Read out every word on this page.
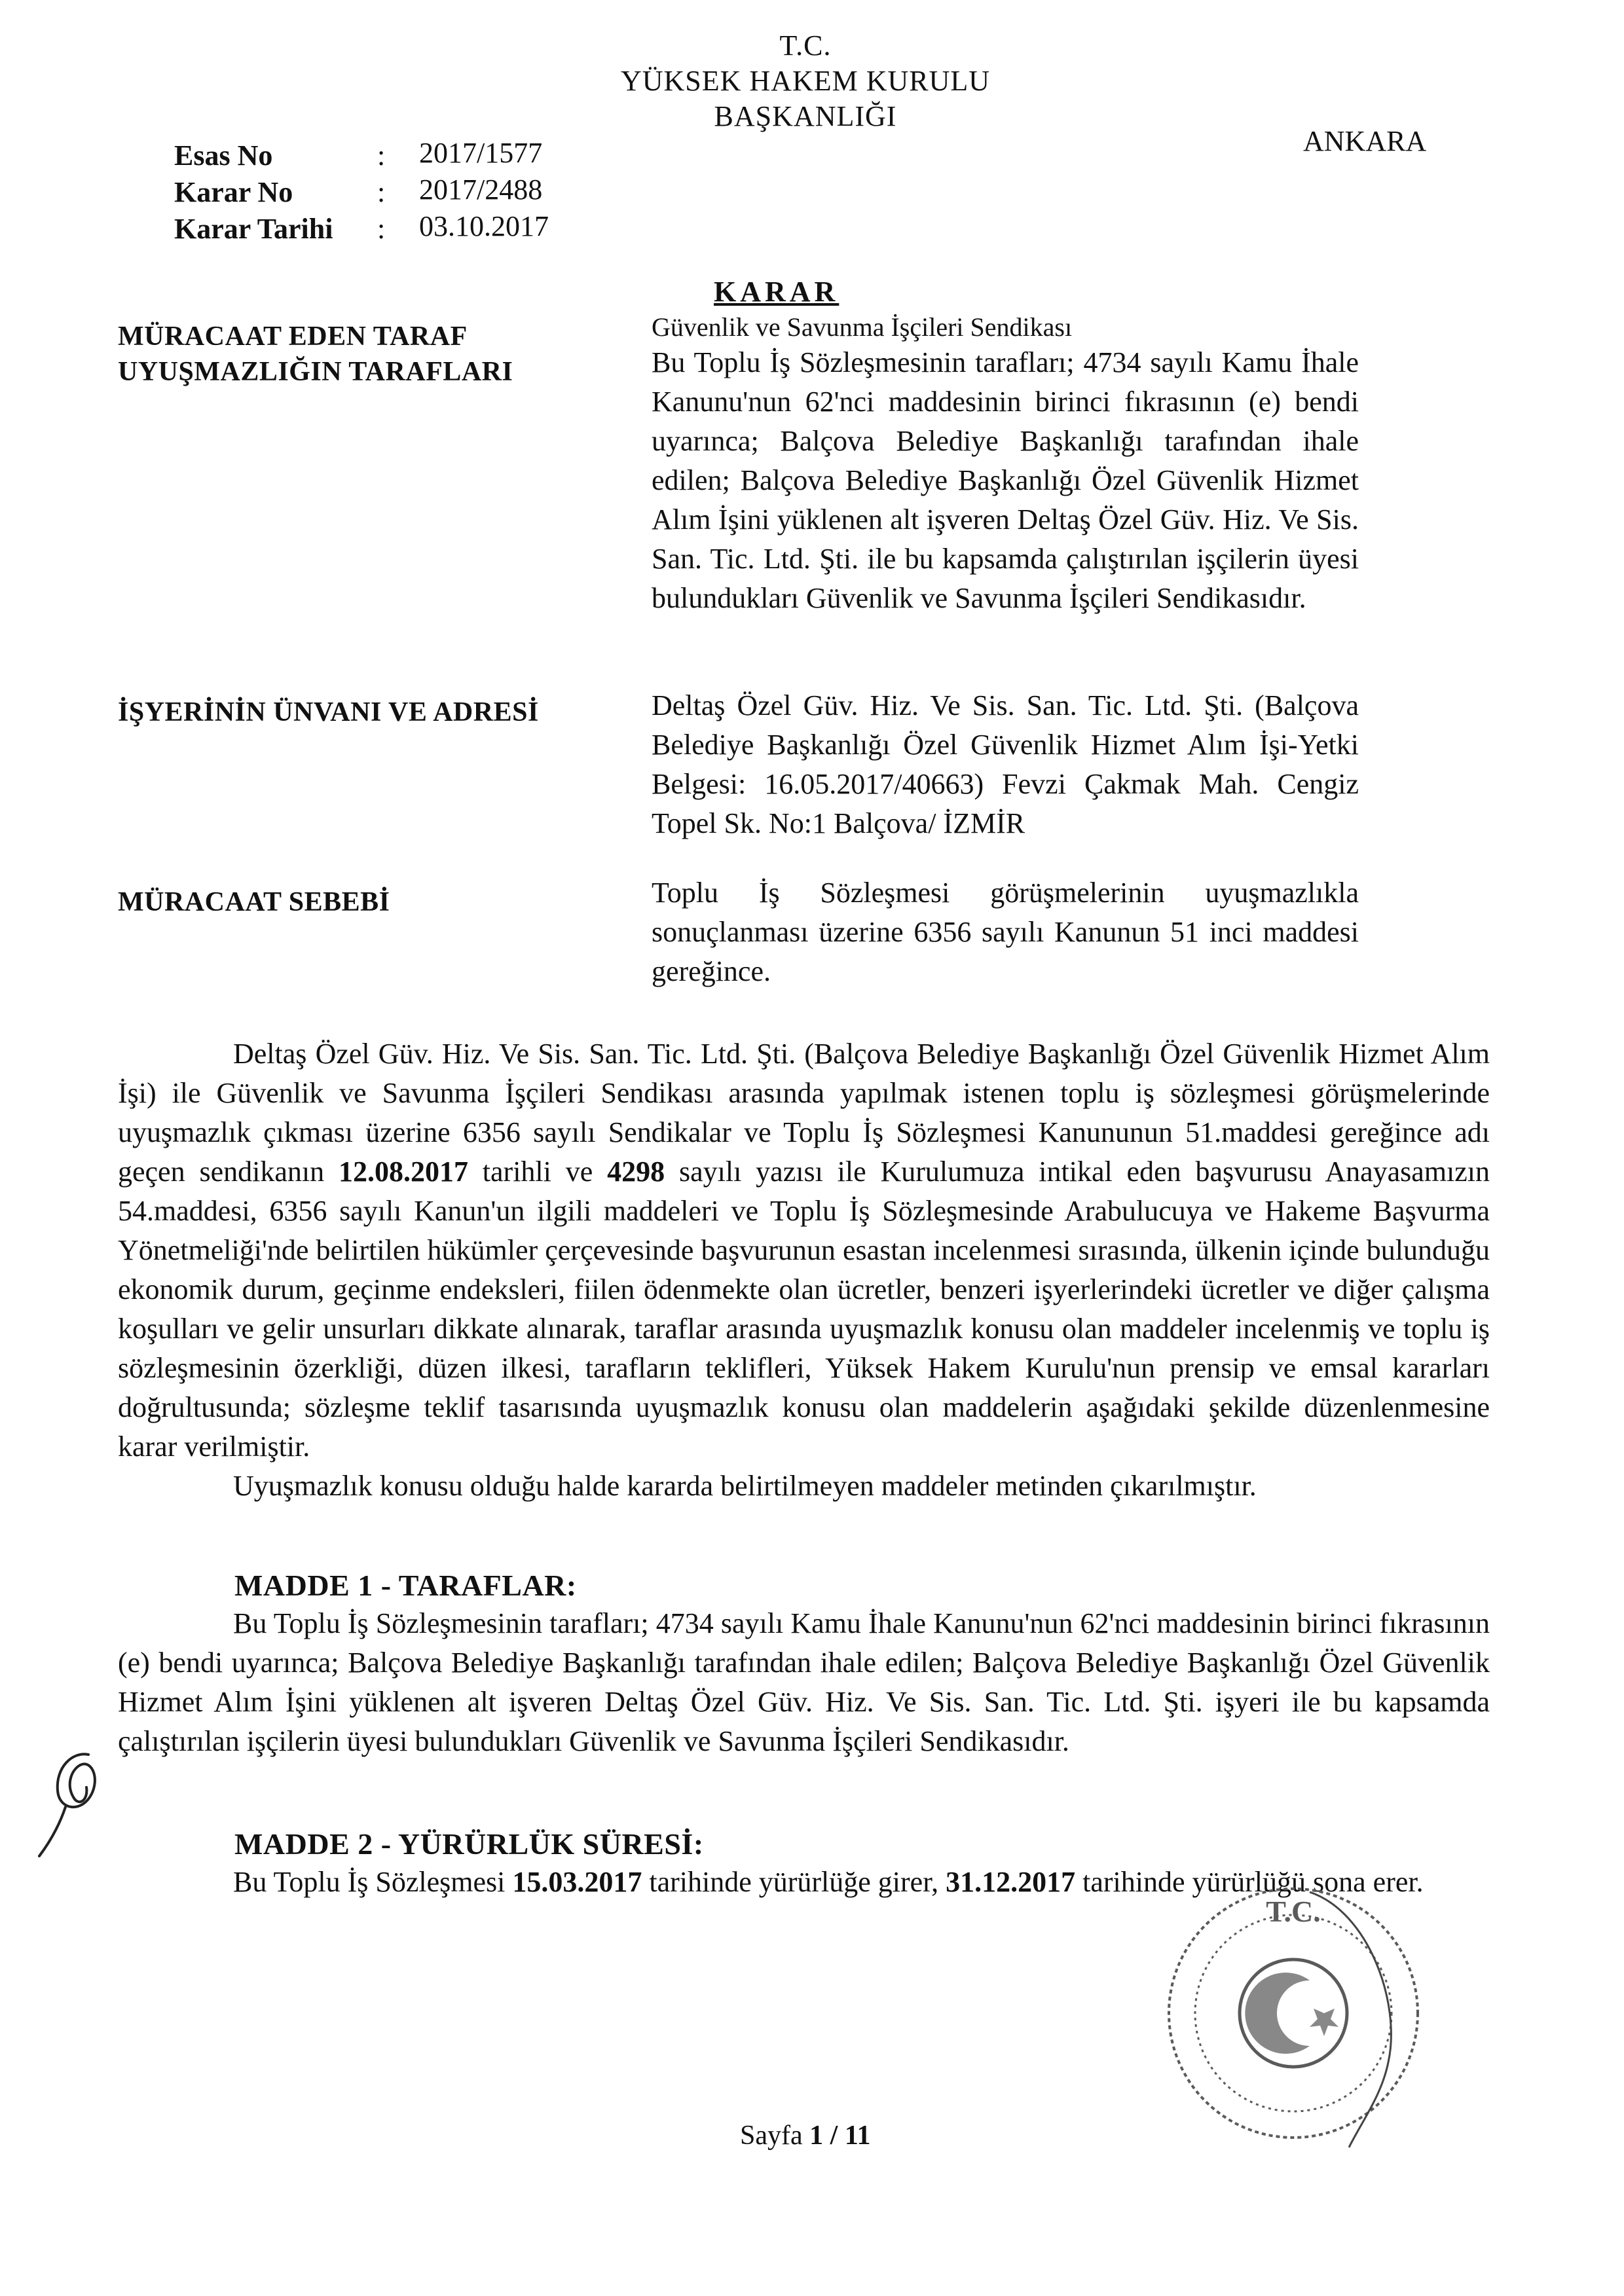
T.C.
YÜKSEK HAKEM KURULU
BAŞKANLIĞI
ANKARA
Esas No	: 2017/1577
Karar No	: 2017/2488
Karar Tarihi : 03.10.2017
KARAR
MÜRACAAT EDEN TARAF	Güvenlik ve Savunma İşçileri Sendikası
UYUŞMAZLIĞIN TARAFLARI	Bu Toplu İş Sözleşmesinin tarafları; 4734 sayılı Kamu İhale Kanunu'nun 62'nci maddesinin birinci fıkrasının (e) bendi uyarınca; Balçova Belediye Başkanlığı tarafından ihale edilen; Balçova Belediye Başkanlığı Özel Güvenlik Hizmet Alım İşini yüklenen alt işveren Deltaş Özel Güv. Hiz. Ve Sis. San. Tic. Ltd. Şti. ile bu kapsamda çalıştırılan işçilerin üyesi bulundukları Güvenlik ve Savunma İşçileri Sendikasıdır.
İŞYERİNİN ÜNVANI VE ADRESİ	Deltaş Özel Güv. Hiz. Ve Sis. San. Tic. Ltd. Şti. (Balçova Belediye Başkanlığı Özel Güvenlik Hizmet Alım İşi-Yetki Belgesi: 16.05.2017/40663) Fevzi Çakmak Mah. Cengiz Topel Sk. No:1 Balçova/ İZMİR
MÜRACAAT SEBEBİ	Toplu İş Sözleşmesi görüşmelerinin uyuşmazlıkla sonuçlanması üzerine 6356 sayılı Kanunun 51 inci maddesi gereğince.

Deltaş Özel Güv. Hiz. Ve Sis. San. Tic. Ltd. Şti. (Balçova Belediye Başkanlığı Özel Güvenlik Hizmet Alım İşi) ile Güvenlik ve Savunma İşçileri Sendikası arasında yapılmak istenen toplu iş sözleşmesi görüşmelerinde uyuşmazlık çıkması üzerine 6356 sayılı Sendikalar ve Toplu İş Sözleşmesi Kanununun 51.maddesi gereğince adı geçen sendikanın 12.08.2017 tarihli ve 4298 sayılı yazısı ile Kurulumuza intikal eden başvurusu Anayasamızın 54.maddesi, 6356 sayılı Kanun'un ilgili maddeleri ve Toplu İş Sözleşmesinde Arabulucuya ve Hakeme Başvurma Yönetmeliği'nde belirtilen hükümler çerçevesinde başvurunun esastan incelenmesi sırasında, ülkenin içinde bulunduğu ekonomik durum, geçinme endeksleri, fiilen ödenmekte olan ücretler, benzeri işyerlerindeki ücretler ve diğer çalışma koşulları ve gelir unsurları dikkate alınarak, taraflar arasında uyuşmazlık konusu olan maddeler incelenmiş ve toplu iş sözleşmesinin özerkliği, düzen ilkesi, tarafların teklifleri, Yüksek Hakem Kurulu'nun prensip ve emsal kararları doğrultusunda; sözleşme teklif tasarısında uyuşmazlık konusu olan maddelerin aşağıdaki şekilde düzenlenmesine karar verilmiştir.

Uyuşmazlık konusu olduğu halde kararda belirtilmeyen maddeler metinden çıkarılmıştır.

MADDE 1 - TARAFLAR:
Bu Toplu İş Sözleşmesinin tarafları; 4734 sayılı Kamu İhale Kanunu'nun 62'nci maddesinin birinci fıkrasının (e) bendi uyarınca; Balçova Belediye Başkanlığı tarafından ihale edilen; Balçova Belediye Başkanlığı Özel Güvenlik Hizmet Alım İşini yüklenen alt işveren Deltaş Özel Güv. Hiz. Ve Sis. San. Tic. Ltd. Şti. işyeri ile bu kapsamda çalıştırılan işçilerin üyesi bulundukları Güvenlik ve Savunma İşçileri Sendikasıdır.
MADDE 2 - YÜRÜRLÜK SÜRESİ:
Bu Toplu İş Sözleşmesi 15.03.2017 tarihinde yürürlüğe girer, 31.12.2017 tarihinde yürürlüğü sona erer.
T.C.
Sayfa 1 / 11
